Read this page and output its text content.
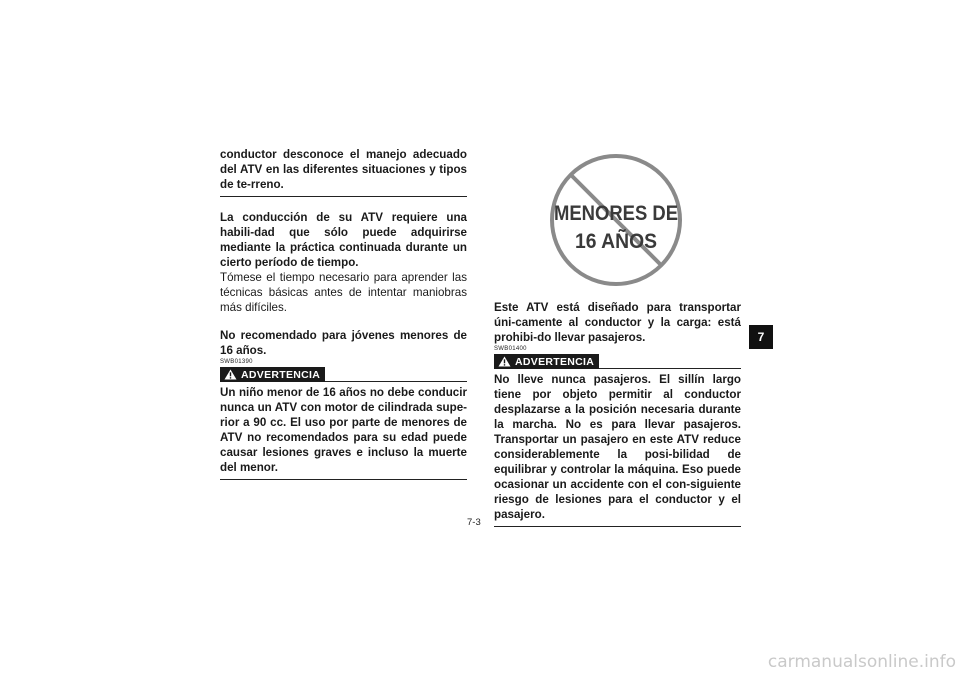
conductor desconoce el manejo adecuado del ATV en las diferentes situaciones y tipos de te-rreno.

La conducción de su ATV requiere una habili-dad que sólo puede adquirirse mediante la práctica continuada durante un cierto período de tiempo.

Tómese el tiempo necesario para aprender las técnicas básicas antes de intentar maniobras más difíciles.

No recomendado para jóvenes menores de 16 años.

SWB01390
ADVERTENCIA

Un niño menor de 16 años no debe conducir nunca un ATV con motor de cilindrada supe-rior a 90 cc. El uso por parte de menores de ATV no recomendados para su edad puede causar lesiones graves e incluso la muerte del menor.

MENORES DE
16 AÑOS

Este ATV está diseñado para transportar úni-camente al conductor y la carga: está prohibi-do llevar pasajeros.

SWB01400
ADVERTENCIA

No lleve nunca pasajeros. El sillín largo tiene por objeto permitir al conductor desplazarse a la posición necesaria durante la marcha. No es para llevar pasajeros. Transportar un pasajero en este ATV reduce considerablemente la posi-bilidad de equilibrar y controlar la máquina. Eso puede ocasionar un accidente con el con-siguiente riesgo de lesiones para el conductor y el pasajero.

7
7-3
carmanualsonline.info
